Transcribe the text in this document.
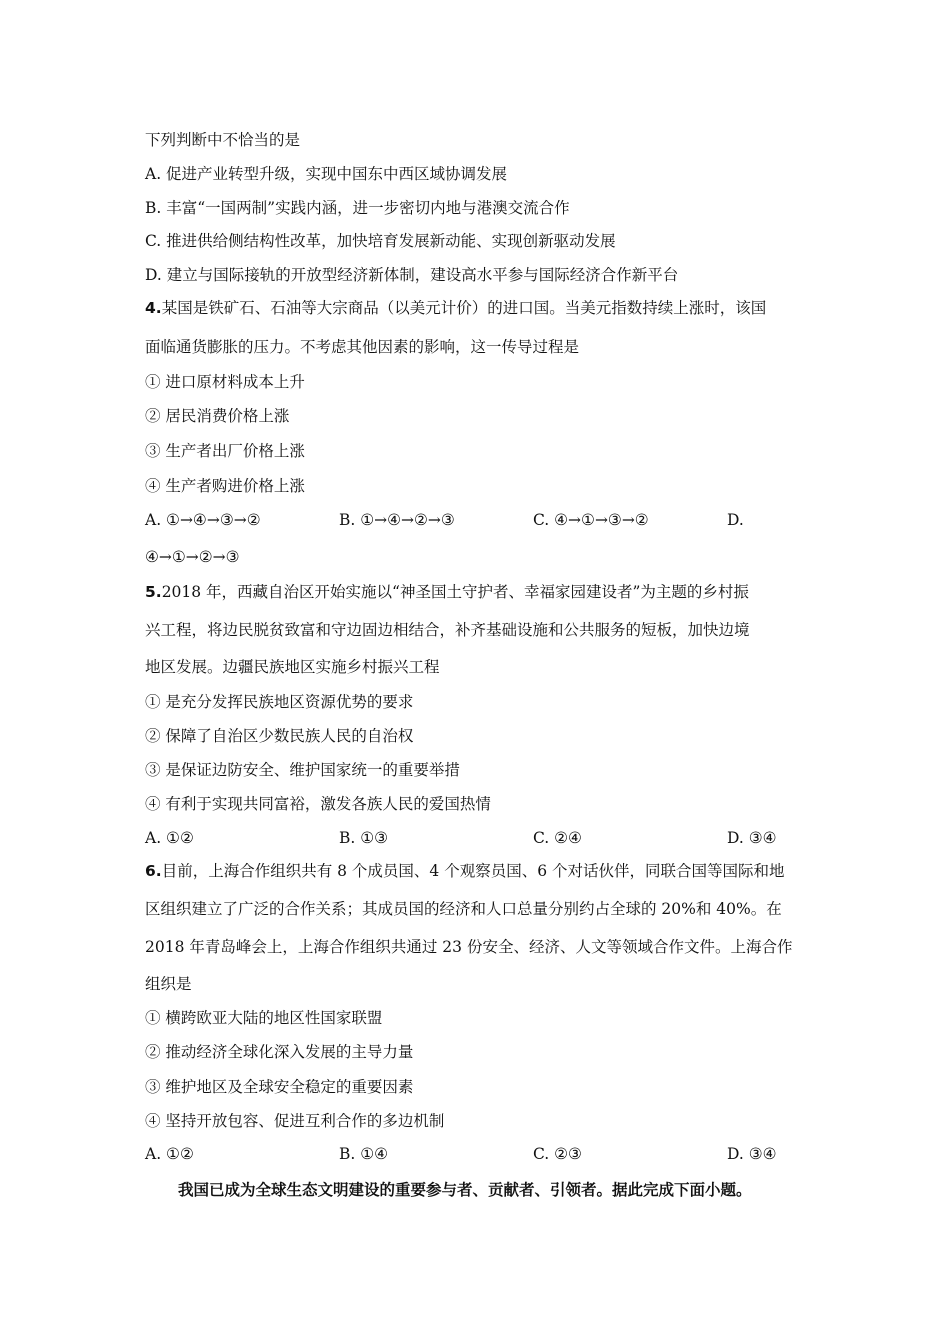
下列判断中不恰当的是
A. 促进产业转型升级，实现中国东中西区域协调发展
B. 丰富“一国两制”实践内涵，进一步密切内地与港澳交流合作
C. 推进供给侧结构性改革，加快培育发展新动能、实现创新驱动发展
D. 建立与国际接轨的开放型经济新体制，建设高水平参与国际经济合作新平台
4.某国是铁矿石、石油等大宗商品（以美元计价）的进口国。当美元指数持续上涨时，该国
面临通货膨胀的压力。不考虑其他因素的影响，这一传导过程是
① 进口原材料成本上升
② 居民消费价格上涨
③ 生产者出厂价格上涨
④ 生产者购进价格上涨
A. ①→④→③→②	B. ①→④→②→③	C. ④→①→③→②	D.
④→①→②→③
5.2018 年，西藏自治区开始实施以“神圣国土守护者、幸福家园建设者”为主题的乡村振
兴工程，将边民脱贫致富和守边固边相结合，补齐基础设施和公共服务的短板，加快边境
地区发展。边疆民族地区实施乡村振兴工程
① 是充分发挥民族地区资源优势的要求
② 保障了自治区少数民族人民的自治权
③ 是保证边防安全、维护国家统一的重要举措
④ 有利于实现共同富裕，激发各族人民的爱国热情
A. ①②	B. ①③	C. ②④	D. ③④
6.目前，上海合作组织共有 8 个成员国、4 个观察员国、6 个对话伙伴，同联合国等国际和地
区组织建立了广泛的合作关系；其成员国的经济和人口总量分别约占全球的 20%和 40%。在
2018 年青岛峰会上，上海合作组织共通过 23 份安全、经济、人文等领域合作文件。上海合作
组织是
① 横跨欧亚大陆的地区性国家联盟
② 推动经济全球化深入发展的主导力量
③ 维护地区及全球安全稳定的重要因素
④ 坚持开放包容、促进互利合作的多边机制
A. ①②	B. ①④	C. ②③	D. ③④
我国已成为全球生态文明建设的重要参与者、贡献者、引领者。据此完成下面小题。
